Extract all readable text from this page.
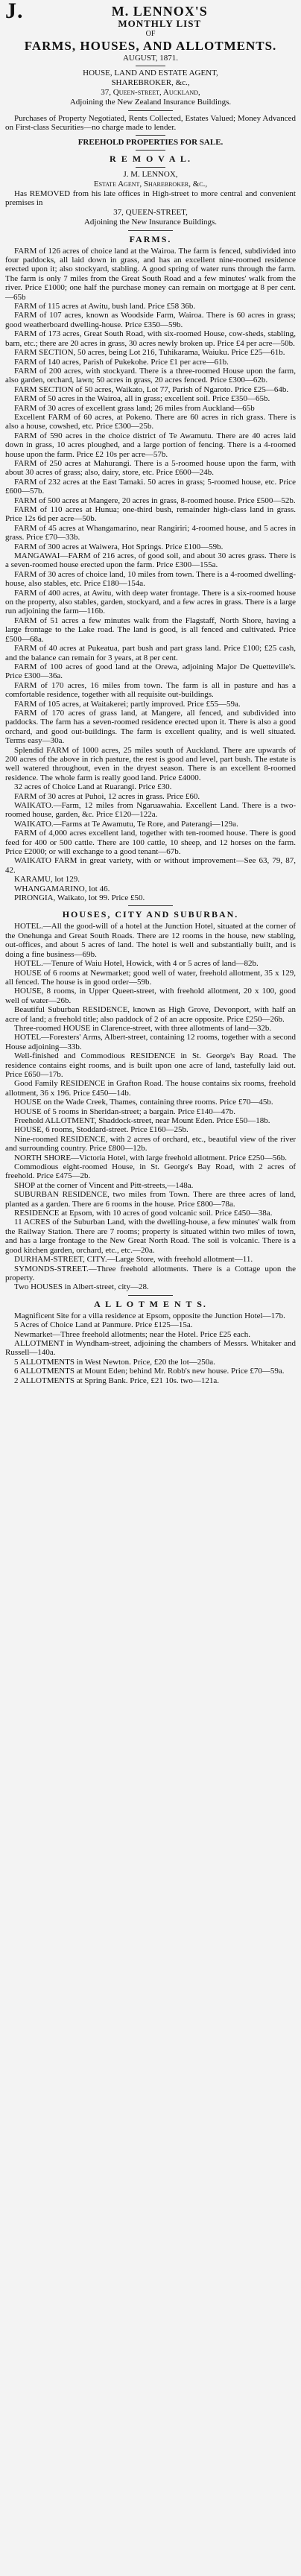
J.	M. LENNOX'S
MONTHLY LIST
OF
FARMS, HOUSES, AND ALLOTMENTS.
AUGUST, 1871.
HOUSE, LAND AND ESTATE AGENT,
SHAREBROKER, &c.,
37, Queen-street, Auckland,
Adjoining the New Zealand Insurance Buildings.

Purchases of Property Negotiated, Rents Collected, Estates Valued; Money Advanced on First-class Securities—no charge made to lender.

FREEHOLD PROPERTIES FOR SALE.
R E M O V A L.
J. M. LENNOX,
Estate Agent, Sharebroker, &c.,

Has REMOVED from his late offices in High-street to more central and convenient premises in

37, QUEEN-STREET,
Adjoining the New Insurance Buildings.
FARMS.

FARM of 126 acres of choice land at the Wairoa. The farm is fenced, subdivided into four paddocks, all laid down in grass, and has an excellent nine-roomed residence erected upon it; also stockyard, stabling. A good spring of water runs through the farm. The farm is only 7 miles from the Great South Road and a few minutes' walk from the river. Price £1000; one half the purchase money can remain on mortgage at 8 per cent.—65b

FARM of 115 acres at Awitu, bush land. Price £58 36b.

FARM of 107 acres, known as Woodside Farm, Wairoa. There is 60 acres in grass; good weatherboard dwelling-house. Price £350—59b.

FARM of 173 acres, Great South Road, with six-roomed House, cow-sheds, stabling, barn, etc.; there are 20 acres in grass, 30 acres newly broken up. Price £4 per acre—50b.

FARM SECTION, 50 acres, being Lot 216, Tuhikarama, Waiuku. Price £25—61b.

FARM of 140 acres, Parish of Pukekohe. Price £1 per acre—61b.

FARM of 200 acres, with stockyard. There is a three-roomed House upon the farm, also garden, orchard, lawn; 50 acres in grass, 20 acres fenced. Price £300—62b.

FARM SECTION of 50 acres, Waikato, Lot 77, Parish of Ngaroto. Price £25—64b.

FARM of 50 acres in the Wairoa, all in grass; excellent soil. Price £350—65b.

FARM of 30 acres of excellent grass land; 26 miles from Auckland—65b

Excellent FARM of 60 acres, at Pokeno. There are 60 acres in rich grass. There is also a house, cowshed, etc. Price £300—25b.

FARM of 590 acres in the choice district of Te Awamutu. There are 40 acres laid down in grass, 10 acres ploughed, and a large portion of fencing. There is a 4-roomed house upon the farm. Price £2 10s per acre—57b.

FARM of 250 acres at Mahurangi. There is a 5-roomed house upon the farm, with about 30 acres of grass; also, dairy, store, etc. Price £600—24b.

FARM of 232 acres at the East Tamaki. 50 acres in grass; 5-roomed house, etc. Price £600—57b.

FARM of 500 acres at Mangere, 20 acres in grass, 8-roomed house. Price £500—52b.

FARM of 110 acres at Hunua; one-third bush, remainder high-class land in grass. Price 12s 6d per acre—50b.

FARM of 45 acres at Whangamarino, near Rangiriri; 4-roomed house, and 5 acres in grass. Price £70—33b.

FARM of 300 acres at Waiwera, Hot Springs. Price £100—59b.

MANGAWAI—FARM of 216 acres, of good soil, and about 30 acres grass. There is a seven-roomed house erected upon the farm. Price £300—155a.

FARM of 30 acres of choice land, 10 miles from town. There is a 4-roomed dwelling-house, also stables, etc. Price £180—154a.

FARM of 400 acres, at Awitu, with deep water frontage. There is a six-roomed house on the property, also stables, garden, stockyard, and a few acres in grass. There is a large run adjoining the farm—116b.

FARM of 51 acres a few minutes walk from the Flagstaff, North Shore, having a large frontage to the Lake road. The land is good, is all fenced and cultivated. Price £500—68a.

FARM of 40 acres at Pukeatua, part bush and part grass land. Price £100; £25 cash, and the balance can remain for 3 years, at 8 per cent.

FARM of 100 acres of good land at the Orewa, adjoining Major De Quetteville's. Price £300—36a.

FARM of 170 acres, 16 miles from town. The farm is all in pasture and has a comfortable residence, together with all requisite out-buildings.

FARM of 105 acres, at Waitakerei; partly improved. Price £55—59a.

FARM of 170 acres of grass land, at Mangere, all fenced, and subdivided into paddocks. The farm has a seven-roomed residence erected upon it. There is also a good orchard, and good out-buildings. The farm is excellent quality, and is well situated. Terms easy—30a.

Splendid FARM of 1000 acres, 25 miles south of Auckland. There are upwards of 200 acres of the above in rich pasture, the rest is good and level, part bush. The estate is well watered throughout, even in the dryest season. There is an excellent 8-roomed residence. The whole farm is really good land. Price £4000.

32 acres of Choice Land at Ruarangi. Price £30.

FARM of 30 acres at Puhoi, 12 acres in grass. Price £60.

WAIKATO.—Farm, 12 miles from Ngaruawahia. Excellent Land. There is a two-roomed house, garden, &c. Price £120—122a.

WAIKATO.—Farms at Te Awamutu, Te Rore, and Paterangi—129a.

FARM of 4,000 acres excellent land, together with ten-roomed house. There is good feed for 400 or 500 cattle. There are 100 cattle, 10 sheep, and 12 horses on the farm. Price £2000; or will exchange to a good tenant—67b.

WAIKATO FARM in great variety, with or without improvement—See 63, 79, 87, 42.

KARAMU, lot 129.

WHANGAMARINO, lot 46.

PIRONGIA, Waikato, lot 99. Price £50.

HOUSES, CITY AND SUBURBAN.

HOTEL.—All the good-will of a hotel at the Junction Hotel, situated at the corner of the Onehunga and Great South Roads. There are 12 rooms in the house, new stabling, out-offices, and about 5 acres of land. The hotel is well and substantially built, and is doing a fine business—69b.

HOTEL.—Tenure of Waiu Hotel, Howick, with 4 or 5 acres of land—82b.

HOUSE of 6 rooms at Newmarket; good well of water, freehold allotment, 35 x 129, all fenced. The house is in good order—59b.

HOUSE, 8 rooms, in Upper Queen-street, with freehold allotment, 20 x 100, good well of water—26b.

Beautiful Suburban RESIDENCE, known as High Grove, Devonport, with half an acre of land; a freehold title; also paddock of 2 of an acre opposite. Price £250—26b.

Three-roomed HOUSE in Clarence-street, with three allotments of land—32b.

HOTEL—Foresters' Arms, Albert-street, containing 12 rooms, together with a second House adjoining—33b.

Well-finished and Commodious RESIDENCE in St. George's Bay Road. The residence contains eight rooms, and is built upon one acre of land, tastefully laid out. Price £650—17b.

Good Family RESIDENCE in Grafton Road. The house contains six rooms, freehold allotment, 36 x 196. Price £450—14b.

HOUSE on the Wade Creek, Thames, containing three rooms. Price £70—45b.

HOUSE of 5 rooms in Sheridan-street; a bargain. Price £140—47b.

Freehold ALLOTMENT, Shaddock-street, near Mount Eden. Price £50—18b.

HOUSE, 6 rooms, Stoddard-street. Price £160—25b.

Nine-roomed RESIDENCE, with 2 acres of orchard, etc., beautiful view of the river and surrounding country. Price £800—12b.

NORTH SHORE—Victoria Hotel, with large freehold allotment. Price £250—56b.

Commodious eight-roomed House, in St. George's Bay Road, with 2 acres of freehold. Price £475—2b.

SHOP at the corner of Vincent and Pitt-streets,—148a.

SUBURBAN RESIDENCE, two miles from Town. There are three acres of land, planted as a garden. There are 6 rooms in the house. Price £800—78a.

RESIDENCE at Epsom, with 10 acres of good volcanic soil. Price £450—38a.

11 ACRES of the Suburban Land, with the dwelling-house, a few minutes' walk from the Railway Station. There are 7 rooms; property is situated within two miles of town, and has a large frontage to the New Great North Road. The soil is volcanic. There is a good kitchen garden, orchard, etc., etc.—20a.

DURHAM-STREET, CITY.—Large Store, with freehold allotment—11.

SYMONDS-STREET.—Three freehold allotments. There is a Cottage upon the property.

Two HOUSES in Albert-street, city—28.

A L L O T M E N T S.

Magnificent Site for a villa residence at Epsom, opposite the Junction Hotel—17b.

5 Acres of Choice Land at Panmure. Price £125—15a.

Newmarket—Three freehold allotments; near the Hotel. Price £25 each.

ALLOTMENT in Wyndham-street, adjoining the chambers of Messrs. Whitaker and Russell—140a.

5 ALLOTMENTS in West Newton. Price, £20 the lot—250a.

6 ALLOTMENTS at Mount Eden; behind Mr. Robb's new house. Price £70—59a.

2 ALLOTMENTS at Spring Bank. Price, £21 10s. two—121a.
